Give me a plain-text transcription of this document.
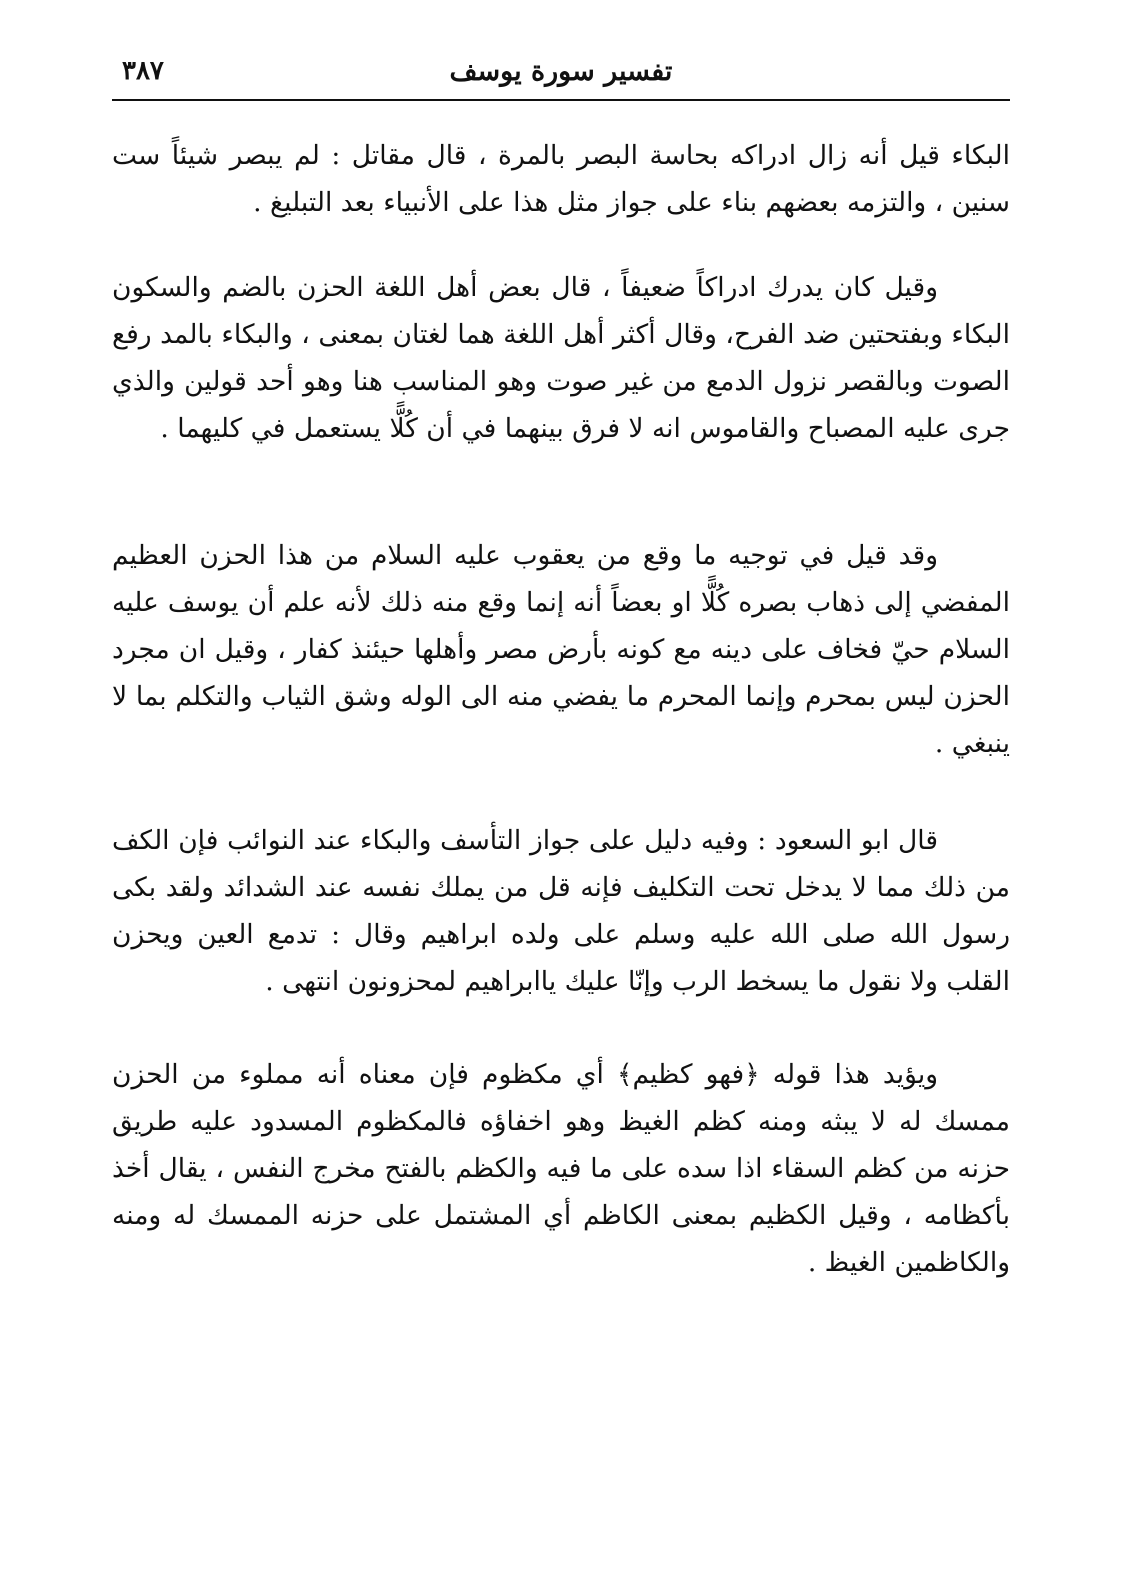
تفسير سورة يوسف
٣٨٧

البكاء قيل أنه زال ادراكه بحاسة البصر بالمرة ، قال مقاتل : لم يبصر شيئاً ست سنين ، والتزمه بعضهم بناء على جواز مثل هذا على الأنبياء بعد التبليغ .

وقيل كان يدرك ادراكاً ضعيفاً ، قال بعض أهل اللغة الحزن بالضم والسكون البكاء وبفتحتين ضد الفرح، وقال أكثر أهل اللغة هما لغتان بمعنى ، والبكاء بالمد رفع الصوت وبالقصر نزول الدمع من غير صوت وهو المناسب هنا وهو أحد قولين والذي جرى عليه المصباح والقاموس انه لا فرق بينهما في أن كُلًّا يستعمل في كليهما .

وقد قيل في توجيه ما وقع من يعقوب عليه السلام من هذا الحزن العظيم المفضي إلى ذهاب بصره كُلًّا او بعضاً أنه إنما وقع منه ذلك لأنه علم أن يوسف عليه السلام حيّ فخاف على دينه مع كونه بأرض مصر وأهلها حيئنذ كفار ، وقيل ان مجرد الحزن ليس بمحرم وإنما المحرم ما يفضي منه الى الوله وشق الثياب والتكلم بما لا ينبغي .

قال ابو السعود : وفيه دليل على جواز التأسف والبكاء عند النوائب فإن الكف من ذلك مما لا يدخل تحت التكليف فإنه قل من يملك نفسه عند الشدائد ولقد بكى رسول الله صلى الله عليه وسلم على ولده ابراهيم وقال : تدمع العين ويحزن القلب ولا نقول ما يسخط الرب وإنّا عليك ياابراهيم لمحزونون انتهى .

ويؤيد هذا قوله ﴿فهو كظيم﴾ أي مكظوم فإن معناه أنه مملوء من الحزن ممسك له لا يبثه ومنه كظم الغيظ وهو اخفاؤه فالمكظوم المسدود عليه طريق حزنه من كظم السقاء اذا سده على ما فيه والكظم بالفتح مخرج النفس ، يقال أخذ بأكظامه ، وقيل الكظيم بمعنى الكاظم أي المشتمل على حزنه الممسك له ومنه والكاظمين الغيظ .
